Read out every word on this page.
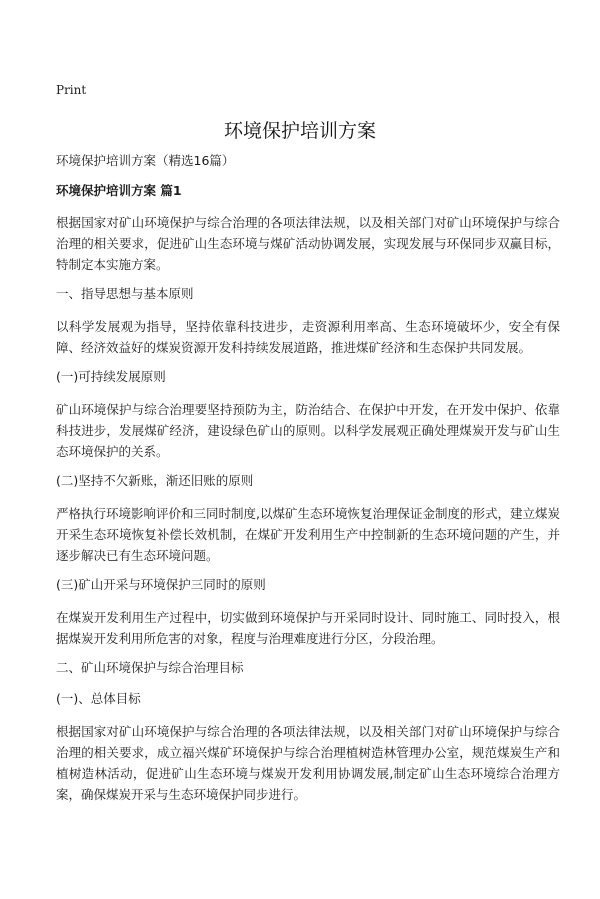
Print
环境保护培训方案
环境保护培训方案（精选16篇）
环境保护培训方案 篇1

根据国家对矿山环境保护与综合治理的各项法律法规，以及相关部门对矿山环境保护与综合治理的相关要求，促进矿山生态环境与煤矿活动协调发展，实现发展与环保同步双赢目标，特制定本实施方案。

一、指导思想与基本原则

以科学发展观为指导，坚持依靠科技进步，走资源利用率高、生态环境破坏少，安全有保障、经济效益好的煤炭资源开发科持续发展道路，推进煤矿经济和生态保护共同发展。

(一)可持续发展原则

矿山环境保护与综合治理要坚持预防为主，防治结合、在保护中开发，在开发中保护、依靠科技进步，发展煤矿经济，建设绿色矿山的原则。以科学发展观正确处理煤炭开发与矿山生态环境保护的关系。

(二)坚持不欠新账，渐还旧账的原则

严格执行环境影响评价和三同时制度,以煤矿生态环境恢复治理保证金制度的形式，建立煤炭开采生态环境恢复补偿长效机制，在煤矿开发利用生产中控制新的生态环境问题的产生，并逐步解决已有生态环境问题。

(三)矿山开采与环境保护三同时的原则

在煤炭开发利用生产过程中，切实做到环境保护与开采同时设计、同时施工、同时投入，根据煤炭开发利用所危害的对象，程度与治理难度进行分区，分段治理。

二、矿山环境保护与综合治理目标
(一)、总体目标

根据国家对矿山环境保护与综合治理的各项法律法规，以及相关部门对矿山环境保护与综合治理的相关要求，成立福兴煤矿环境保护与综合治理植树造林管理办公室，规范煤炭生产和植树造林活动，促进矿山生态环境与煤炭开发利用协调发展,制定矿山生态环境综合治理方案，确保煤炭开采与生态环境保护同步进行。
